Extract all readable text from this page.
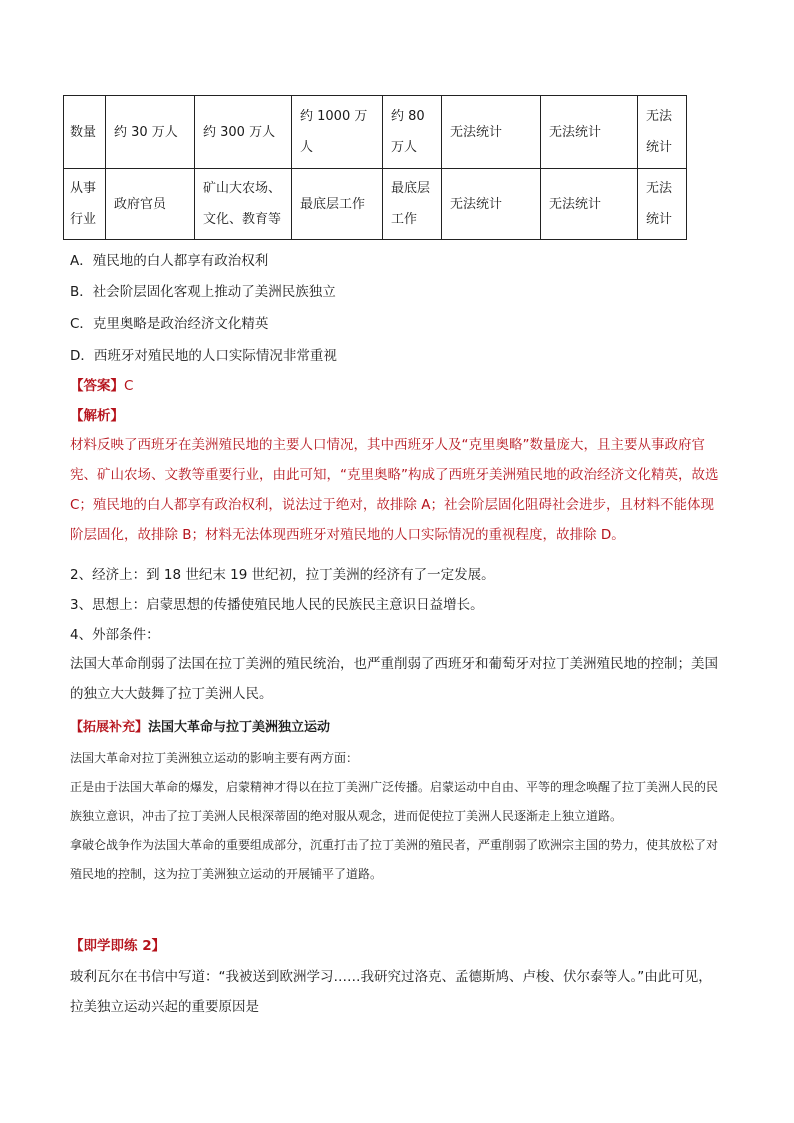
数量	约 30 万人	约 300 万人	约 1000 万人	约 80 万人	无法统计	无法统计	无法统计
从事行业	政府官员	矿山大农场、文化、教育等	最底层工作	最底层工作	无法统计	无法统计	无法统计
A．殖民地的白人都享有政治权利
B．社会阶层固化客观上推动了美洲民族独立
C．克里奥略是政治经济文化精英
D．西班牙对殖民地的人口实际情况非常重视
【答案】C
【解析】
材料反映了西班牙在美洲殖民地的主要人口情况，其中西班牙人及“克里奥略”数量庞大，且主要从事政府官宪、矿山农场、文教等重要行业，由此可知，“克里奥略”构成了西班牙美洲殖民地的政治经济文化精英，故选 C；殖民地的白人都享有政治权利，说法过于绝对，故排除 A；社会阶层固化阻碍社会进步，且材料不能体现阶层固化，故排除 B；材料无法体现西班牙对殖民地的人口实际情况的重视程度，故排除 D。
2、经济上：到 18 世纪末 19 世纪初，拉丁美洲的经济有了一定发展。
3、思想上：启蒙思想的传播使殖民地人民的民族民主意识日益增长。
4、外部条件：
法国大革命削弱了法国在拉丁美洲的殖民统治，也严重削弱了西班牙和葡萄牙对拉丁美洲殖民地的控制；美国的独立大大鼓舞了拉丁美洲人民。
【拓展补充】法国大革命与拉丁美洲独立运动

法国大革命对拉丁美洲独立运动的影响主要有两方面：

正是由于法国大革命的爆发，启蒙精神才得以在拉丁美洲广泛传播。启蒙运动中自由、平等的理念唤醒了拉丁美洲人民的民族独立意识，冲击了拉丁美洲人民根深蒂固的绝对服从观念，进而促使拉丁美洲人民逐渐走上独立道路。

拿破仑战争作为法国大革命的重要组成部分，沉重打击了拉丁美洲的殖民者，严重削弱了欧洲宗主国的势力，使其放松了对殖民地的控制，这为拉丁美洲独立运动的开展铺平了道路。

【即学即练 2】
玻利瓦尔在书信中写道：“我被送到欧洲学习……我研究过洛克、孟德斯鸠、卢梭、伏尔泰等人。”由此可见，拉美独立运动兴起的重要原因是
